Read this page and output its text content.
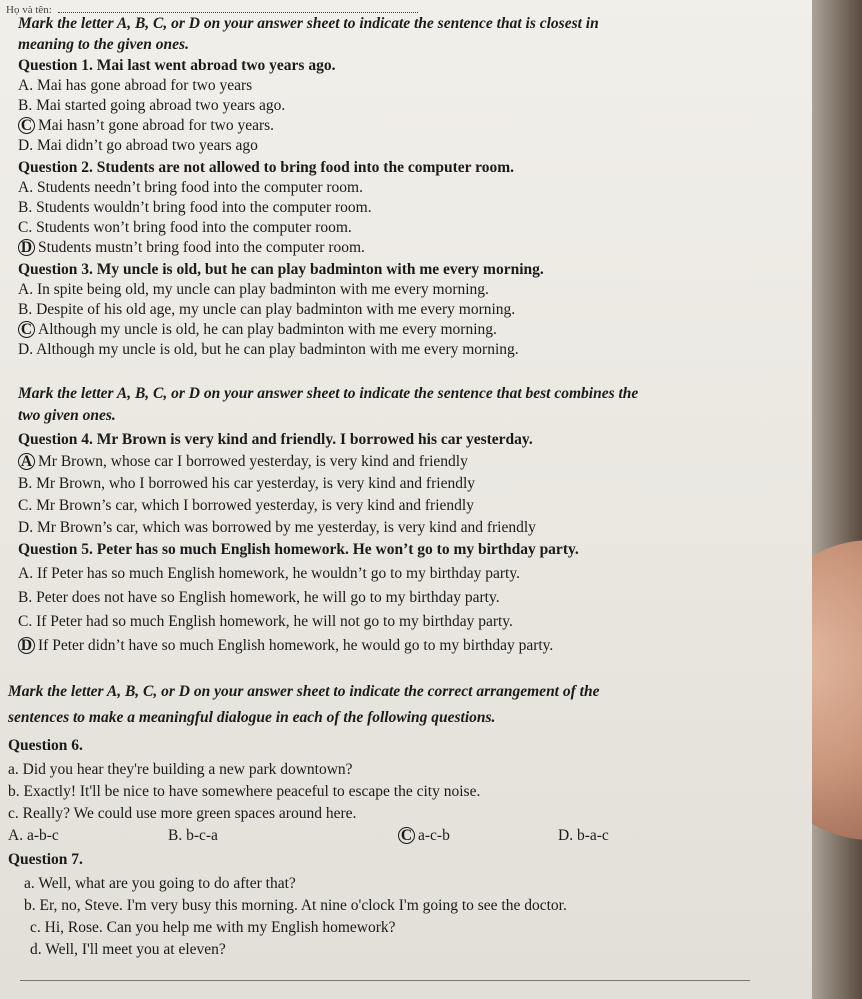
Họ và tên:
Mark the letter A, B, C, or D on your answer sheet to indicate the sentence that is closest in
meaning to the given ones.
Question 1. Mai last went abroad two years ago.
A. Mai has gone abroad for two years
B. Mai started going abroad two years ago.
C Mai hasn’t gone abroad for two years.
D. Mai didn’t go abroad two years ago
Question 2. Students are not allowed to bring food into the computer room.
A. Students needn’t bring food into the computer room.
B. Students wouldn’t bring food into the computer room.
C. Students won’t bring food into the computer room.
D Students mustn’t bring food into the computer room.
Question 3. My uncle is old, but he can play badminton with me every morning.
A. In spite being old, my uncle can play badminton with me every morning.
B. Despite of his old age, my uncle can play badminton with me every morning.
C Although my uncle is old, he can play badminton with me every morning.
D. Although my uncle is old, but he can play badminton with me every morning.
Mark the letter A, B, C, or D on your answer sheet to indicate the sentence that best combines the
two given ones.
Question 4. Mr Brown is very kind and friendly. I borrowed his car yesterday.
A Mr Brown, whose car I borrowed yesterday, is very kind and friendly
B. Mr Brown, who I borrowed his car yesterday, is very kind and friendly
C. Mr Brown’s car, which I borrowed yesterday, is very kind and friendly
D. Mr Brown’s car, which was borrowed by me yesterday, is very kind and friendly
Question 5. Peter has so much English homework. He won’t go to my birthday party.
A. If Peter has so much English homework, he wouldn’t go to my birthday party.
B. Peter does not have so English homework, he will go to my birthday party.
C. If Peter had so much English homework, he will not go to my birthday party.
D If Peter didn’t have so much English homework, he would go to my birthday party.
Mark the letter A, B, C, or D on your answer sheet to indicate the correct arrangement of the
sentences to make a meaningful dialogue in each of the following questions.
Question 6.
a. Did you hear they're building a new park downtown?
b. Exactly! It'll be nice to have somewhere peaceful to escape the city noise.
c. Really? We could use more green spaces around here.
A. a-b-c	B. b-c-a	C a-c-b	D. b-a-c
Question 7.
a. Well, what are you going to do after that?
b. Er, no, Steve. I'm very busy this morning. At nine o'clock I'm going to see the doctor.
c. Hi, Rose. Can you help me with my English homework?
d. Well, I'll meet you at eleven?
